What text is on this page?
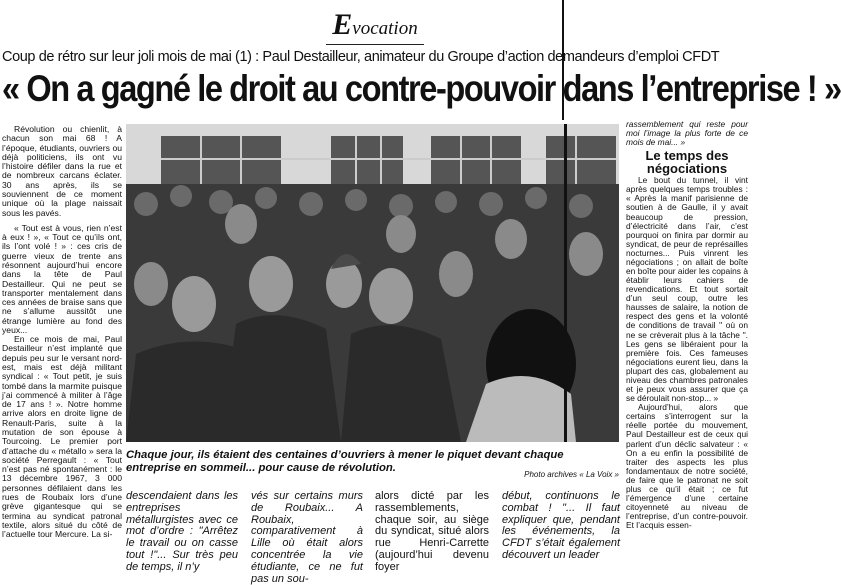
Evocation
Coup de rétro sur leur joli mois de mai (1) : Paul Destailleur, animateur du Groupe d’action demandeurs d’emploi CFDT
« On a gagné le droit au contre-pouvoir dans l’entreprise ! »

Révolution ou chienlit, à chacun son mai 68 ! A l’époque, étudiants, ouvriers ou déjà politiciens, ils ont vu l’histoire défiler dans la rue et de nombreux carcans éclater. 30 ans après, ils se souviennent de ce moment unique où la plage naissait sous les pavés.

« Tout est à vous, rien n’est à eux ! », « Tout ce qu’ils ont, ils l’ont volé ! » : ces cris de guerre vieux de trente ans résonnent aujourd’hui encore dans la tête de Paul Destailleur. Qui ne peut se transporter mentalement dans ces années de braise sans que ne s’allume aussitôt une étrange lumière au fond des yeux...

En ce mois de mai, Paul Destailleur n’est implanté que depuis peu sur le versant nord-est, mais est déjà militant syndical : « Tout petit, je suis tombé dans la marmite puisque j’ai commencé à militer à l’âge de 17 ans ! ». Notre homme arrive alors en droite ligne de Renault-Paris, suite à la mutation de son épouse à Tourcoing. Le premier port d’attache du « métallo » sera la société Perregault : « Tout n’est pas né spontanément : le 13 décembre 1967, 3 000 personnes défilaient dans les rues de Roubaix lors d’une grève gigantesque qui se termina au syndicat patronal textile, alors situé du côté de l’actuelle tour Mercure. La si-

Chaque jour, ils étaient des centaines d’ouvriers à mener le piquet devant chaque entreprise en sommeil... pour cause de révolution.
Photo archives « La Voix »
descendaient dans les entreprises métallurgistes avec ce mot d’ordre : "Arrêtez le travail ou on casse tout !"... Sur très peu de temps, il n’y
vés sur certains murs de Roubaix... A Roubaix, comparativement à Lille où était alors concentrée la vie étudiante, ce ne fut pas un sou-
alors dicté par les rassemblements, chaque soir, au siège du syndicat, situé alors rue Henri-Carrette (aujourd’hui devenu foyer
début, continuons le combat ! "... Il faut expliquer que, pendant les événements, la CFDT s’était également découvert un leader

rassemblement qui reste pour moi l’image la plus forte de ce mois de mai... »

Le temps des négociations

Le bout du tunnel, il vint après quelques temps troubles : « Après la manif parisienne de soutien à de Gaulle, il y avait beaucoup de pression, d’électricité dans l’air, c’est pourquoi on finira par dormir au syndicat, de peur de représailles nocturnes... Puis vinrent les négociations ; on allait de boîte en boîte pour aider les copains à établir leurs cahiers de revendications. Et tout sortait d’un seul coup, outre les hausses de salaire, la notion de respect des gens et la volonté de conditions de travail " où on ne se crèverait plus à la tâche ". Les gens se libéraient pour la première fois. Ces fameuses négociations eurent lieu, dans la plupart des cas, globalement au niveau des chambres patronales et je peux vous assurer que ça se déroulait non-stop... »

Aujourd’hui, alors que certains s’interrogent sur la réelle portée du mouvement, Paul Destailleur est de ceux qui parlent d’un déclic salvateur : « On a eu enfin la possibilité de traiter des aspects les plus fondamentaux de notre société, de faire que le patronat ne soit plus ce qu’il était ; ce fut l’émergence d’une certaine citoyenneté au niveau de l’entreprise, d’un contre-pouvoir. Et l’acquis essen-
